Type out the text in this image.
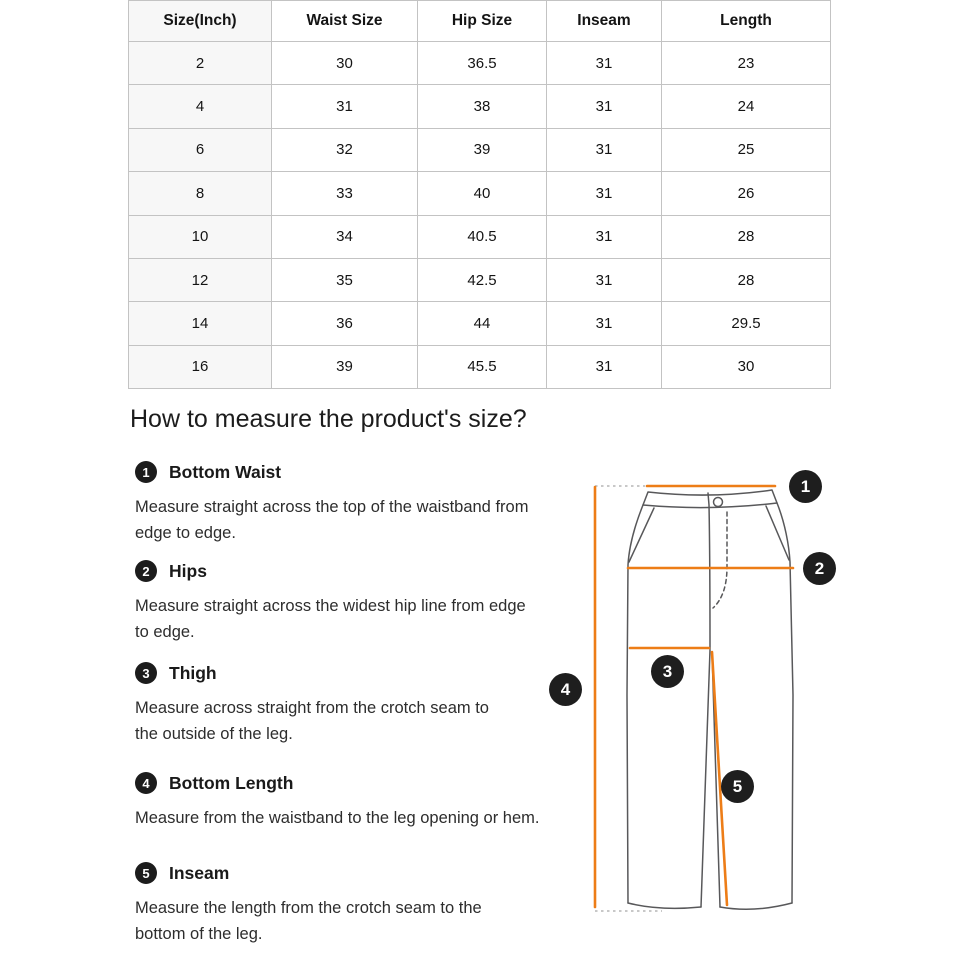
Size(Inch)	Waist Size	Hip Size	Inseam	Length
2	30	36.5	31	23
4	31	38	31	24
6	32	39	31	25
8	33	40	31	26
10	34	40.5	31	28
12	35	42.5	31	28
14	36	44	31	29.5
16	39	45.5	31	30
How to measure the product's size?
1	Bottom Waist

Measure straight across the top of the waistband from edge to edge.

2	Hips

Measure straight across the widest hip line from edge to edge.

3	Thigh

Measure across straight from the crotch seam to the outside of the leg.

4	Bottom Length

Measure from the waistband to the leg opening or hem.

5	Inseam

Measure the length from the crotch seam to the bottom of the leg.

1
2
3
4
5
